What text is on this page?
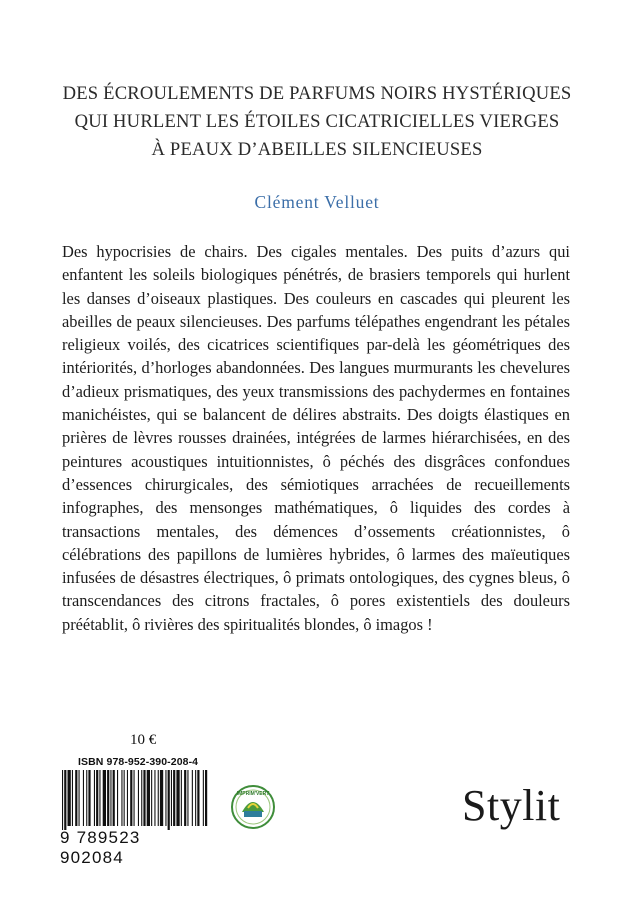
DES ÉCROULEMENTS DE PARFUMS NOIRS HYSTÉRIQUES
QUI HURLENT LES ÉTOILES CICATRICIELLES VIERGES
À PEAUX D’ABEILLES SILENCIEUSES
Clément Velluet
Des hypocrisies de chairs. Des cigales mentales. Des puits d’azurs qui enfantent les soleils biologiques pénétrés, de brasiers temporels qui hurlent les danses d’oiseaux plastiques. Des couleurs en cascades qui pleurent les abeilles de peaux silencieuses. Des parfums télépathes engendrant les pétales religieux voilés, des cicatrices scientifiques par-delà les géométriques des intériorités, d’horloges abandonnées. Des langues murmurants les chevelures d’adieux prismatiques, des yeux transmissions des pachydermes en fontaines manichéistes, qui se balancent de délires abstraits. Des doigts élastiques en prières de lèvres rousses drainées, intégrées de larmes hiérarchisées, en des peintures acoustiques intuitionnistes, ô péchés des disgrâces confondues d’essences chirurgicales, des sémiotiques arrachées de recueillements infographes, des mensonges mathématiques, ô liquides des cordes à transactions mentales, des démences d’ossements créationnistes, ô célébrations des papillons de lumières hybrides, ô larmes des maïeutiques infusées de désastres électriques, ô primats ontologiques, des cygnes bleus, ô transcendances des citrons fractales, ô pores existentiels des douleurs préétablit, ô rivières des spiritualités blondes, ô imagos !
10 €
ISBN 978-952-390-208-4
9 789523 902084
IMPRIM'VERT	Stylit
